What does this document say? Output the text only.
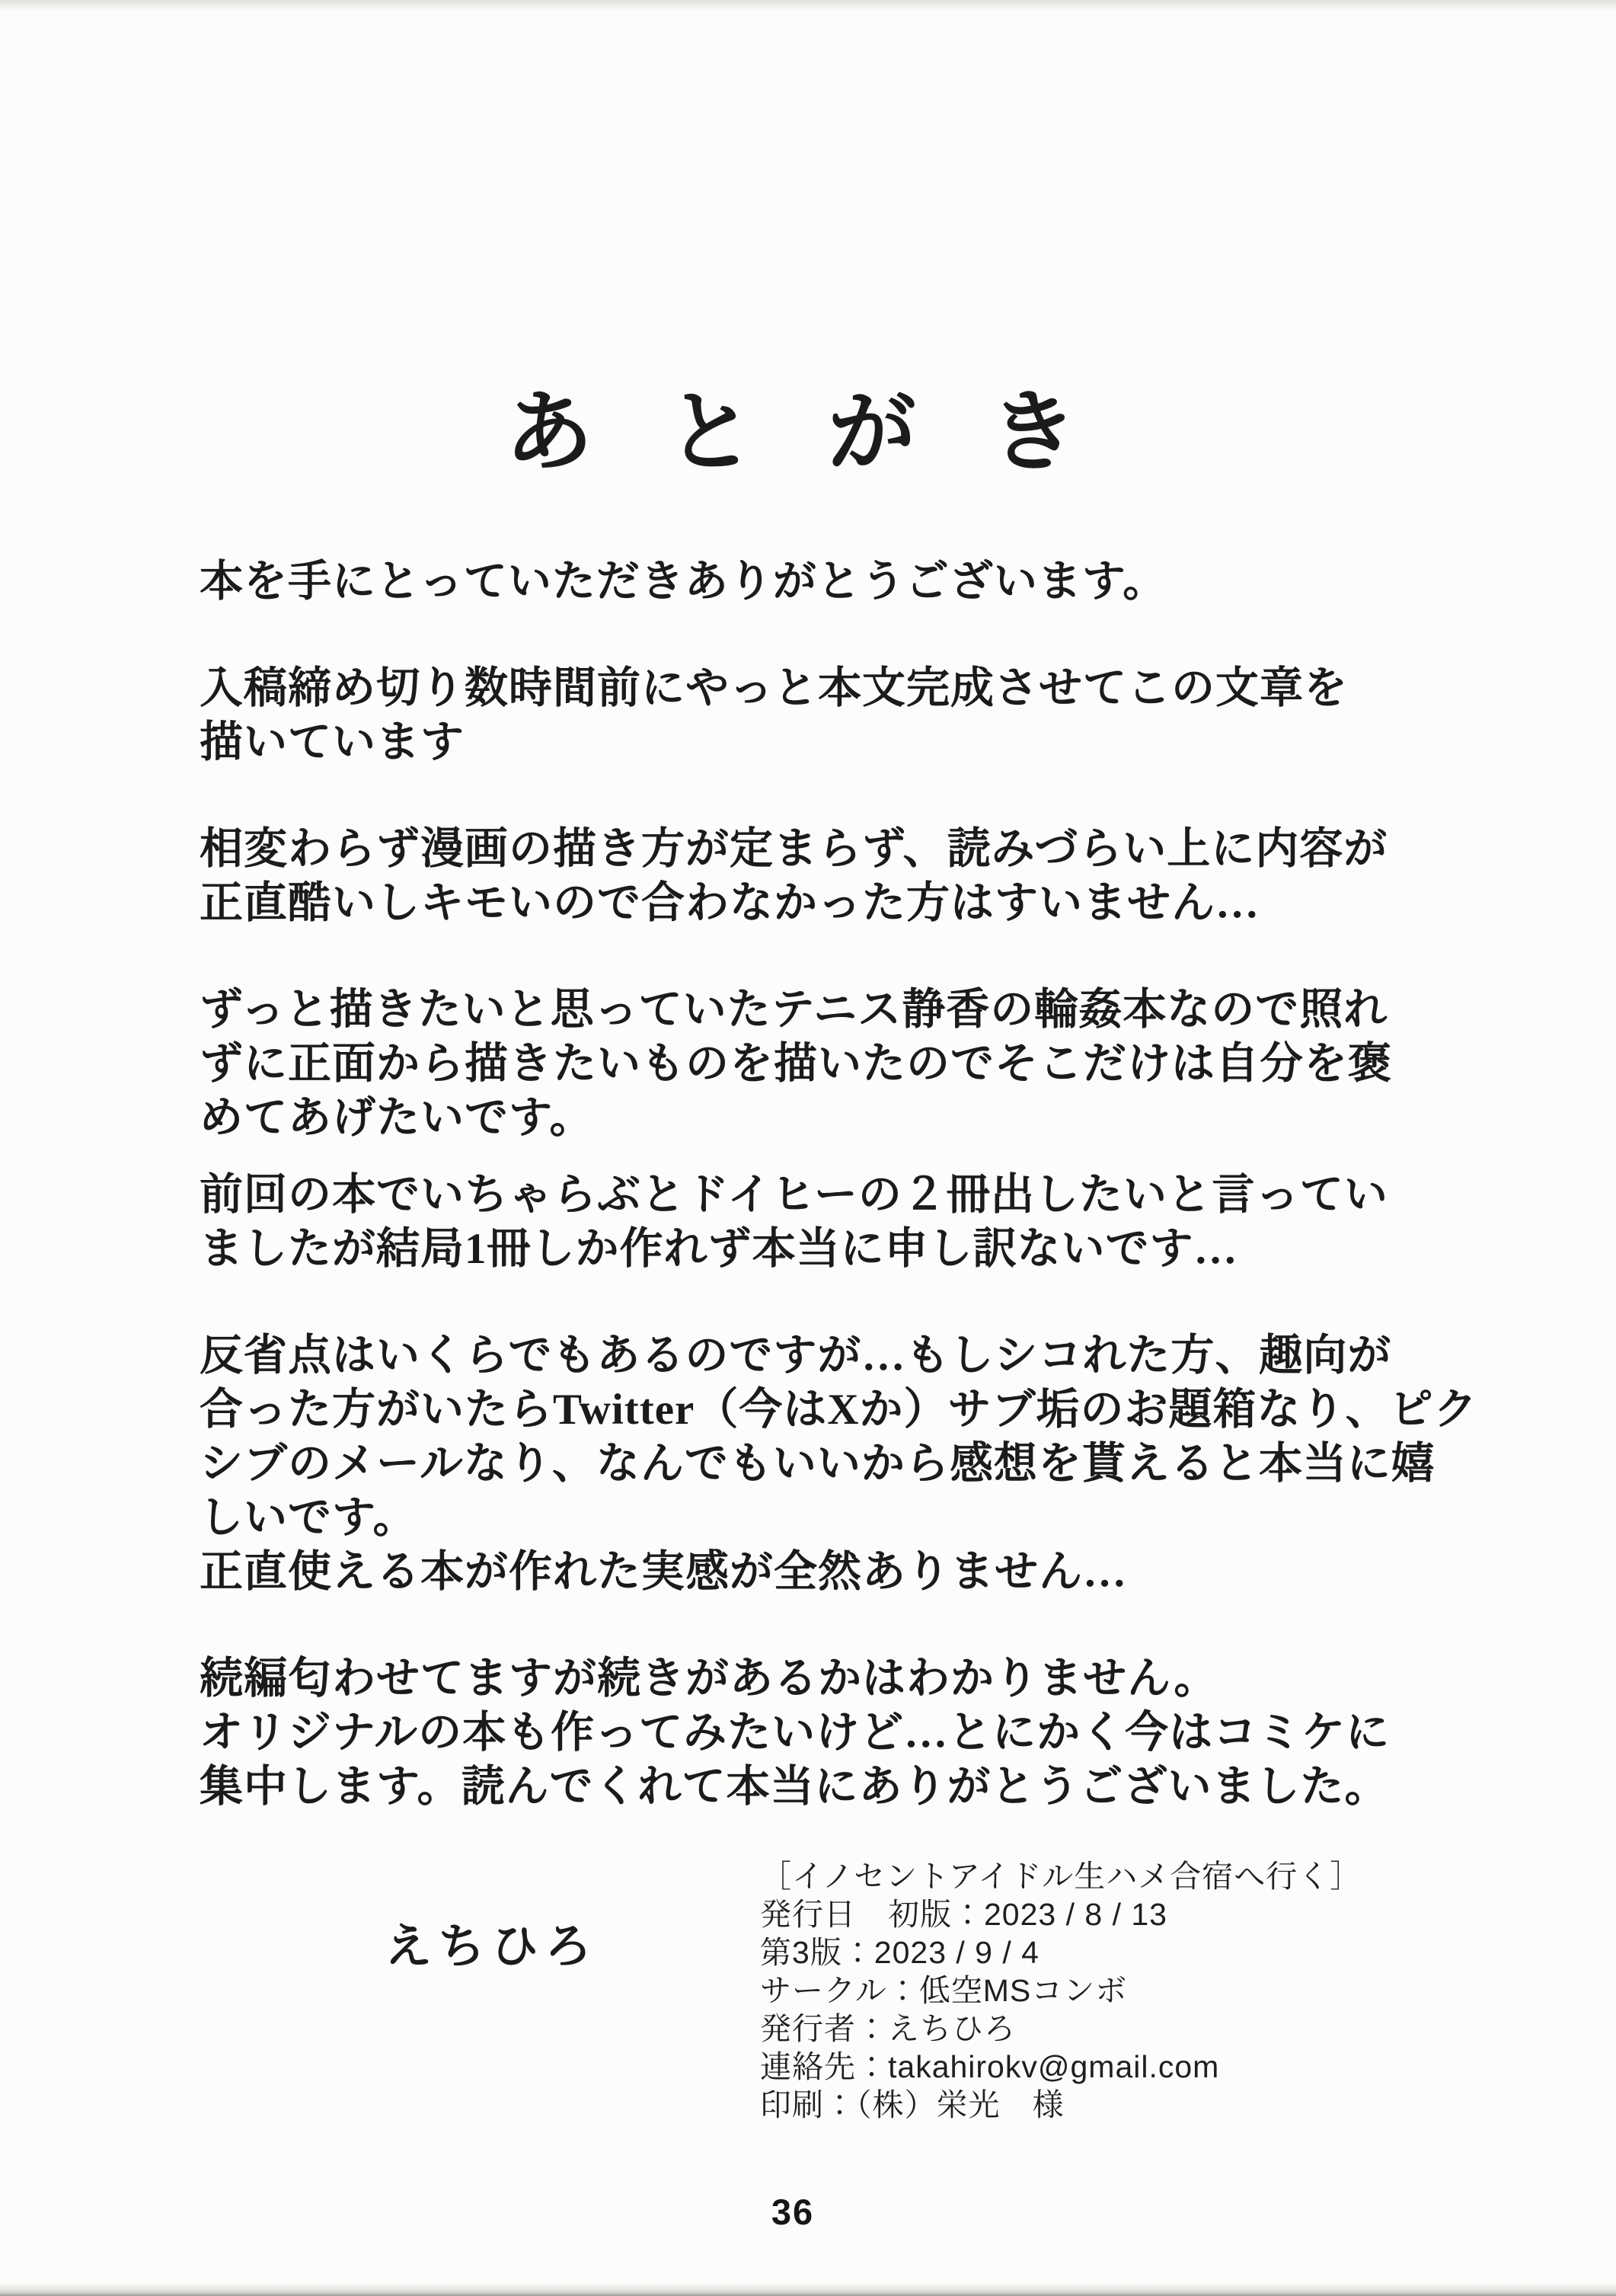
あとがき
本を手にとっていただきありがとうございます。
入稿締め切り数時間前にやっと本文完成させてこの文章を
描いています
相変わらず漫画の描き方が定まらず、読みづらい上に内容が
正直酷いしキモいので合わなかった方はすいません…
ずっと描きたいと思っていたテニス静香の輪姦本なので照れ
ずに正面から描きたいものを描いたのでそこだけは自分を褒
めてあげたいです。
前回の本でいちゃらぶとドイヒーの２冊出したいと言ってい
ましたが結局1冊しか作れず本当に申し訳ないです…
反省点はいくらでもあるのですが…もしシコれた方、趣向が
合った方がいたらTwitter（今はXか）サブ垢のお題箱なり、ピク
シブのメールなり、なんでもいいから感想を貰えると本当に嬉
しいです。
正直使える本が作れた実感が全然ありません…
続編匂わせてますが続きがあるかはわかりません。
オリジナルの本も作ってみたいけど…とにかく今はコミケに
集中します。読んでくれて本当にありがとうございました。
えちひろ
［イノセントアイドル生ハメ合宿へ行く］
発行日　初版：2023 / 8 / 13
第3版：2023 / 9 / 4
サークル：低空MSコンボ
発行者：えちひろ
連絡先：takahirokv@gmail.com
印刷：（株）栄光　様
36
